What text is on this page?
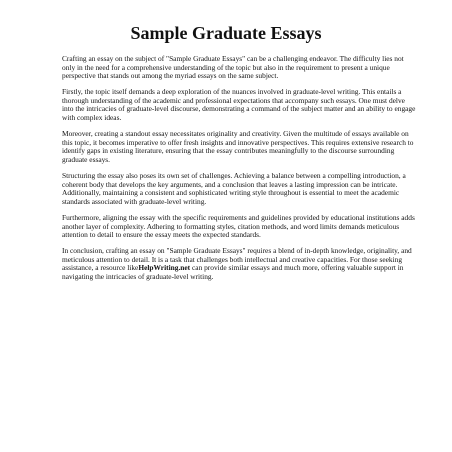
Sample Graduate Essays

Crafting an essay on the subject of "Sample Graduate Essays" can be a challenging endeavor. The difficulty lies not only in the need for a comprehensive understanding of the topic but also in the requirement to present a unique perspective that stands out among the myriad essays on the same subject.

Firstly, the topic itself demands a deep exploration of the nuances involved in graduate-level writing. This entails a thorough understanding of the academic and professional expectations that accompany such essays. One must delve into the intricacies of graduate-level discourse, demonstrating a command of the subject matter and an ability to engage with complex ideas.

Moreover, creating a standout essay necessitates originality and creativity. Given the multitude of essays available on this topic, it becomes imperative to offer fresh insights and innovative perspectives. This requires extensive research to identify gaps in existing literature, ensuring that the essay contributes meaningfully to the discourse surrounding graduate essays.

Structuring the essay also poses its own set of challenges. Achieving a balance between a compelling introduction, a coherent body that develops the key arguments, and a conclusion that leaves a lasting impression can be intricate. Additionally, maintaining a consistent and sophisticated writing style throughout is essential to meet the academic standards associated with graduate-level writing.

Furthermore, aligning the essay with the specific requirements and guidelines provided by educational institutions adds another layer of complexity. Adhering to formatting styles, citation methods, and word limits demands meticulous attention to detail to ensure the essay meets the expected standards.

In conclusion, crafting an essay on "Sample Graduate Essays" requires a blend of in-depth knowledge, originality, and meticulous attention to detail. It is a task that challenges both intellectual and creative capacities. For those seeking assistance, a resource likeHelpWriting.net can provide similar essays and much more, offering valuable support in navigating the intricacies of graduate-level writing.
